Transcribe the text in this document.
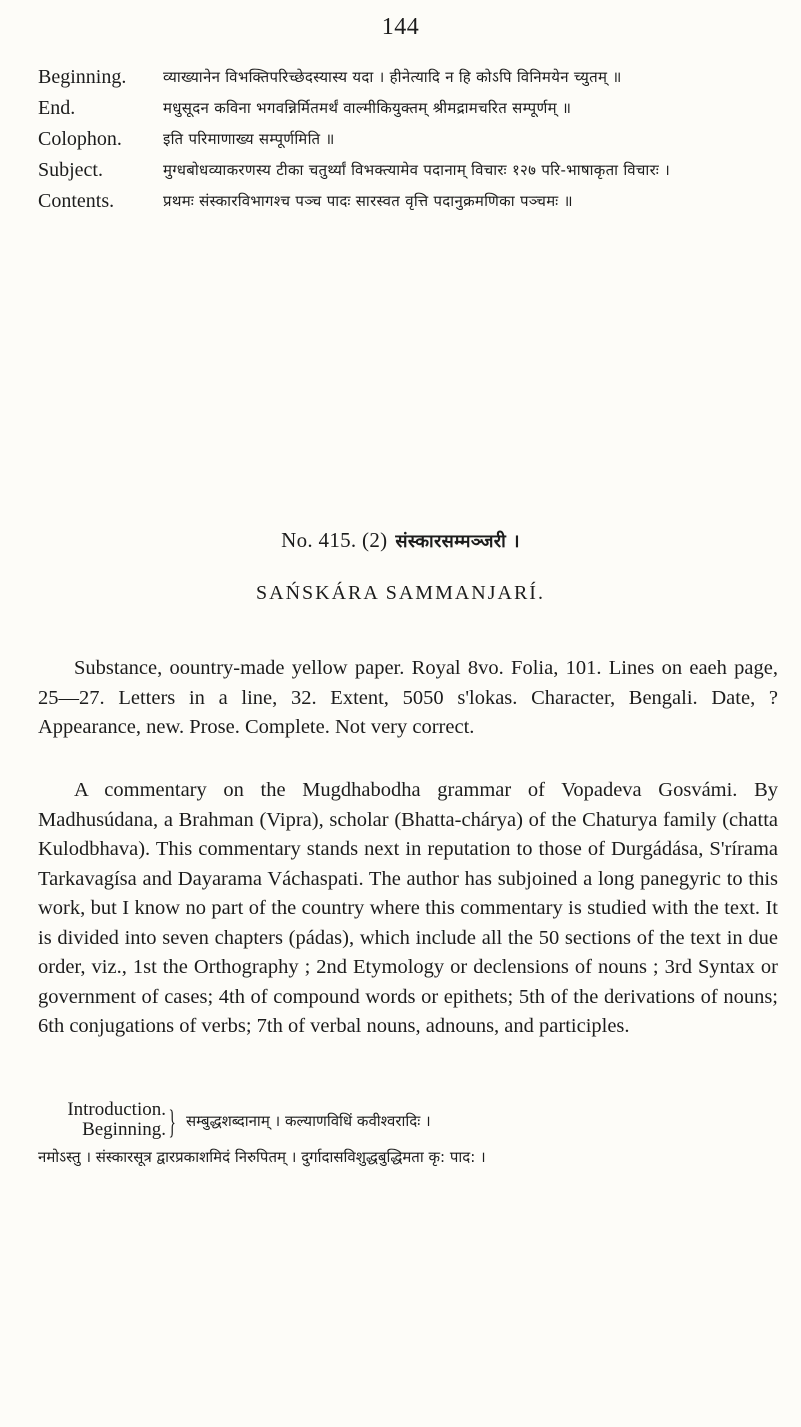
144
Beginning.	व्याख्यानेन विभक्तिपरिच्छेदस्यास्य यदा । हीनेत्यादि न हि कोऽपि विनिमयेन च्युतम् ॥
End.	मधुसूदन कविना भगवन्निर्मितमर्थं वाल्मीकियुक्तम् श्रीमद्रामचरित सम्पूर्णम् ॥
Colophon.	इति परिमाणाख्य सम्पूर्णमिति ॥
Subject.	मुग्धबोधव्याकरणस्य टीका चतुर्थ्यां विभक्त्यामेव पदानाम् विचारः १२७ परि-भाषाकृता विचारः ।
Contents.	प्रथमः संस्कारविभागश्च पञ्च पादः सारस्वत वृत्ति पदानुक्रमणिका पञ्चमः ॥
No. 415. (2) संस्कारसम्मञ्जरी ।
SAŃSKÁRA SAMMANJARÍ.

Substance, oountry-made yellow paper. Royal 8vo. Folia, 101. Lines on eaeh page, 25—27. Letters in a line, 32. Extent, 5050 s'lokas. Character, Bengali. Date, ? Appearance, new. Prose. Complete. Not very correct.

A commentary on the Mugdhabodha grammar of Vopadeva Gosvámi. By Madhusúdana, a Brahman (Vipra), scholar (Bhatta-chárya) of the Chaturya family (chatta Kulodbhava). This commentary stands next in reputation to those of Durgádása, S'rírama Tarkavagísa and Dayarama Váchaspati. The author has subjoined a long panegyric to this work, but I know no part of the country where this commentary is studied with the text. It is divided into seven chapters (pádas), which include all the 50 sections of the text in due order, viz., 1st the Orthography ; 2nd Etymology or declensions of nouns ; 3rd Syntax or government of cases; 4th of compound words or epithets; 5th of the derivations of nouns; 6th conjugations of verbs; 7th of verbal nouns, adnouns, and participles.

Introduction.
Beginning. } सम्बुद्धशब्दानाम् । कल्याणविधिं कवीश्वरादिः ।
नमोऽस्तु । संस्कारसूत्र द्वारप्रकाशमिदं निरुपितम् । दुर्गादासविशुद्धबुद्धिमता कृ: पाद: ।
